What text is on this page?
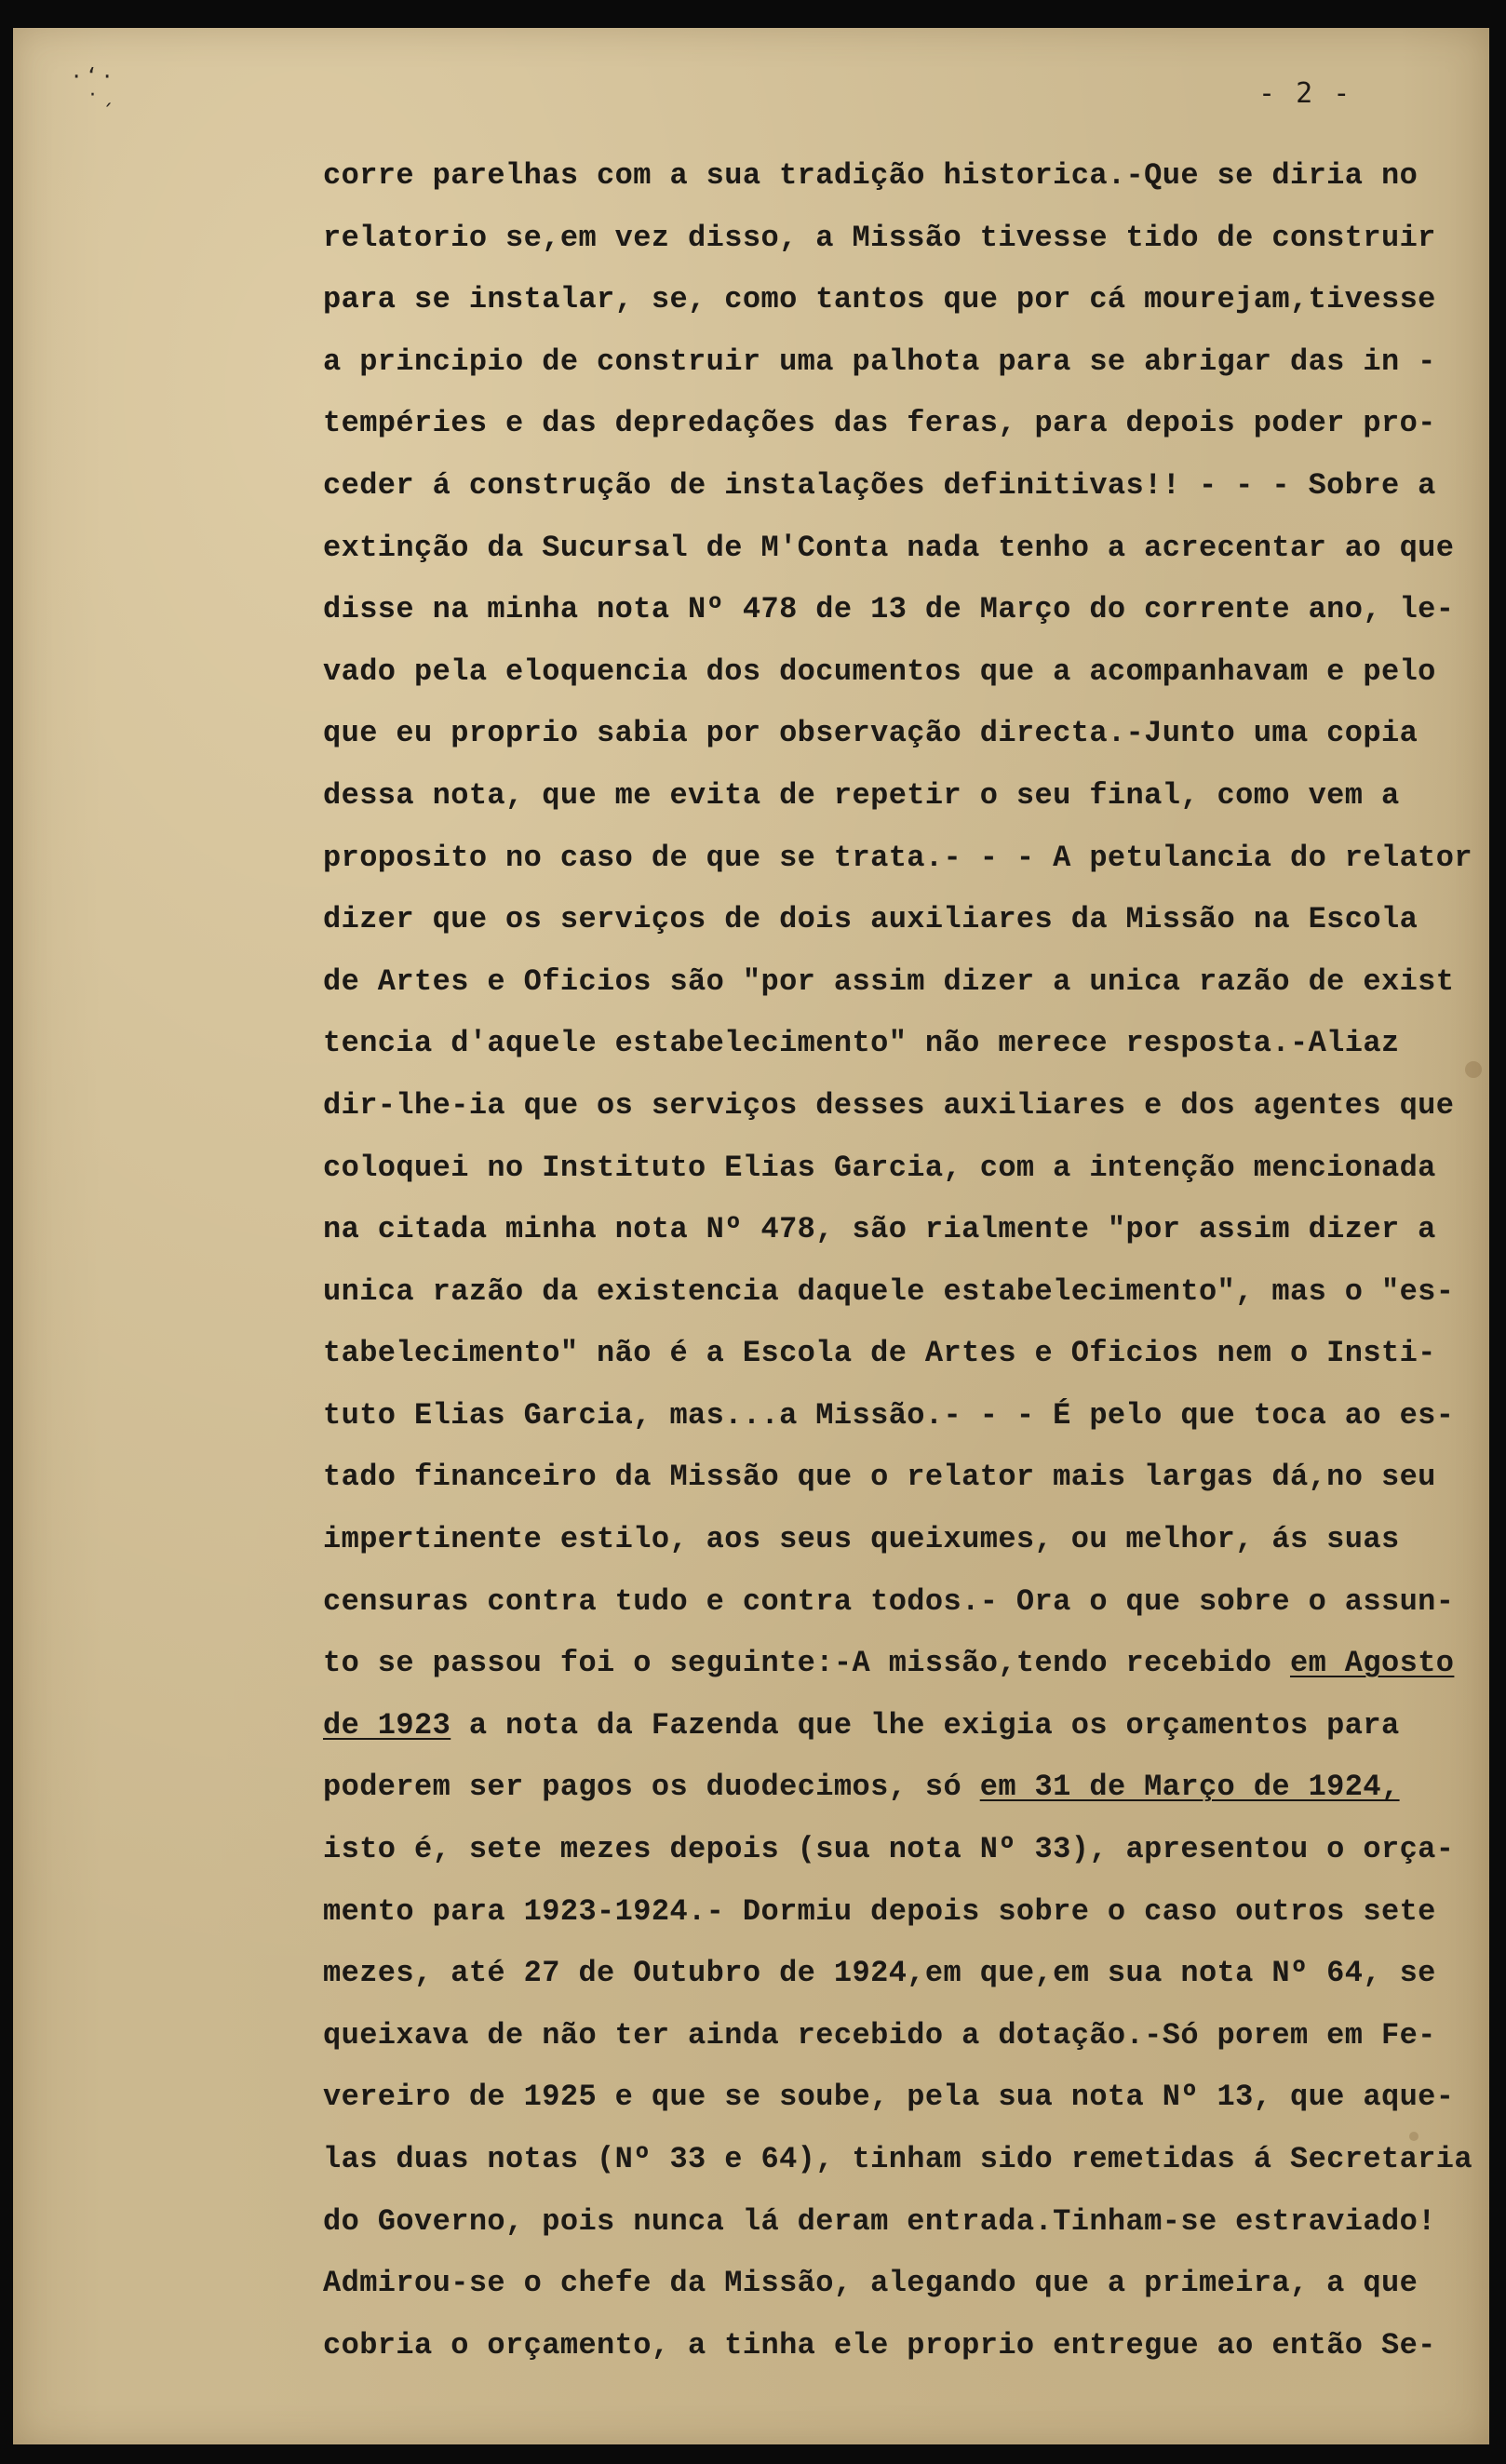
· ‘ ·
· ˏ	- 2 -
corre parelhas com a sua tradição historica.-Que se diria no
relatorio se,em vez disso, a Missão tivesse tido de construir
para se instalar, se, como tantos que por cá mourejam,tivesse
a principio de construir uma palhota para se abrigar das in -
tempéries e das depredações das feras, para depois poder pro-
ceder á construção de instalações definitivas!! - - - Sobre a
extinção da Sucursal de M'Conta nada tenho a acrecentar ao que
disse na minha nota Nº 478 de 13 de Março do corrente ano, le-
vado pela eloquencia dos documentos que a acompanhavam e pelo
que eu proprio sabia por observação directa.-Junto uma copia
dessa nota, que me evita de repetir o seu final, como vem a
proposito no caso de que se trata.- - - A petulancia do relator
dizer que os serviços de dois auxiliares da Missão na Escola
de Artes e Oficios são "por assim dizer a unica razão de exist
tencia d'aquele estabelecimento" não merece resposta.-Aliaz
dir-lhe-ia que os serviços desses auxiliares e dos agentes que
coloquei no Instituto Elias Garcia, com a intenção mencionada
na citada minha nota Nº 478, são rialmente "por assim dizer a
unica razão da existencia daquele estabelecimento", mas o "es-
tabelecimento" não é a Escola de Artes e Oficios nem o Insti-
tuto Elias Garcia, mas...a Missão.- - - É pelo que toca ao es-
tado financeiro da Missão que o relator mais largas dá,no seu
impertinente estilo, aos seus queixumes, ou melhor, ás suas
censuras contra tudo e contra todos.- Ora o que sobre o assun-
to se passou foi o seguinte:-A missão,tendo recebido em Agosto
de 1923 a nota da Fazenda que lhe exigia os orçamentos para
poderem ser pagos os duodecimos, só em 31 de Março de 1924,
isto é, sete mezes depois (sua nota Nº 33), apresentou o orça-
mento para 1923-1924.- Dormiu depois sobre o caso outros sete
mezes, até 27 de Outubro de 1924,em que,em sua nota Nº 64, se
queixava de não ter ainda recebido a dotação.-Só porem em Fe-
vereiro de 1925 e que se soube, pela sua nota Nº 13, que aque-
las duas notas (Nº 33 e 64), tinham sido remetidas á Secretaria
do Governo, pois nunca lá deram entrada.Tinham-se estraviado!
Admirou-se o chefe da Missão, alegando que a primeira, a que
cobria o orçamento, a tinha ele proprio entregue ao então Se-
